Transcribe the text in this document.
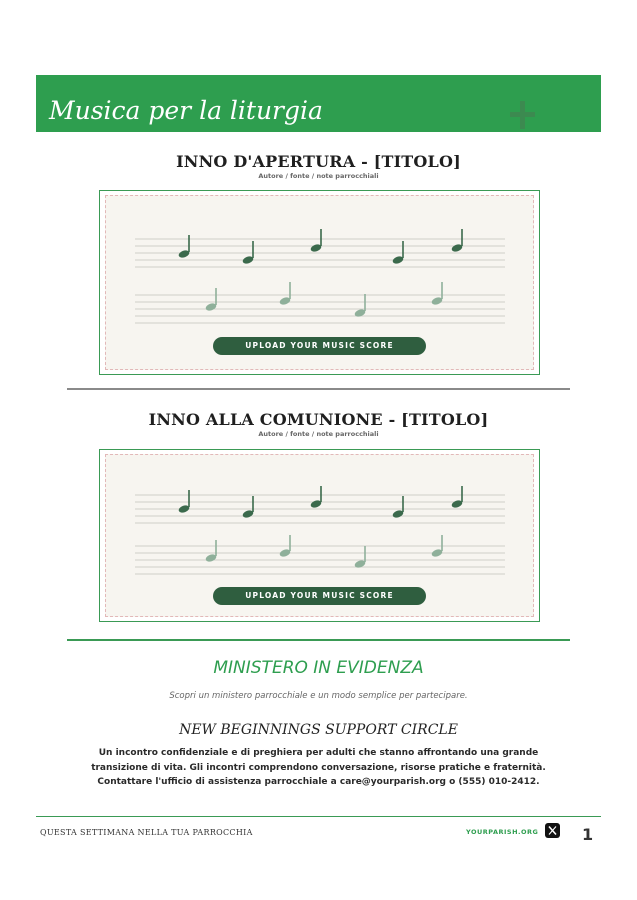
Musica per la liturgia
INNO D'APERTURA - [TITOLO]
Autore / fonte / note parrocchiali
UPLOAD YOUR MUSIC SCORE
INNO ALLA COMUNIONE - [TITOLO]
Autore / fonte / note parrocchiali
UPLOAD YOUR MUSIC SCORE
MINISTERO IN EVIDENZA
Scopri un ministero parrocchiale e un modo semplice per partecipare.
NEW BEGINNINGS SUPPORT CIRCLE
Un incontro confidenziale e di preghiera per adulti che stanno affrontando una grande transizione di vita. Gli incontri comprendono conversazione, risorse pratiche e fraternità. Contattare l'ufficio di assistenza parrocchiale a care@yourparish.org o (555) 010-2412.
QUESTA SETTIMANA NELLA TUA PARROCCHIA	YOURPARISH.ORG	1
